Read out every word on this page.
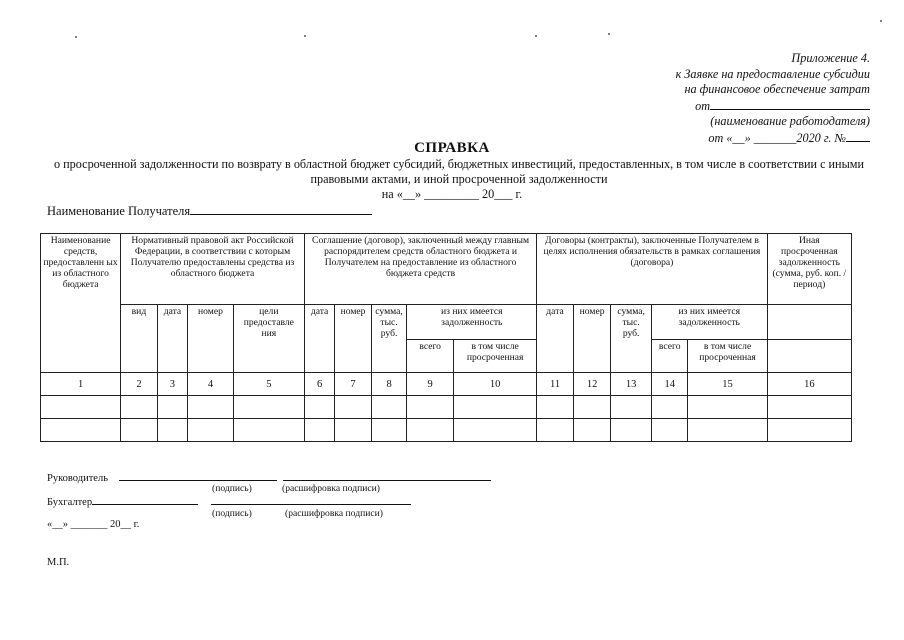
Приложение 4.
к Заявке на предоставление субсидии
на финансовое обеспечение затрат
от
(наименование работодателя)
от «__» _______2020 г. №
СПРАВКА
о просроченной задолженности по возврату в областной бюджет субсидий, бюджетных инвестиций, предоставленных, в том числе в соответствии с иными правовыми актами, и иной просроченной задолженности
на «__» _________ 20___ г.
Наименование Получателя
Наименование средств, предоставленн ых из областного бюджета	Нормативный правовой акт Российской Федерации, в соответствии с которым Получателю предоставлены средства из областного бюджета				Соглашение (договор), заключенный между главным распорядителем средств областного бюджета и Получателем на предоставление из областного бюджета средств					Договоры (контракты), заключенные Получателем в целях исполнения обязательств в рамках соглашения (договора)					Иная просроченная задолженность (сумма, руб. коп. /период)
	вид	дата	номер	цели предоставле ния	дата	номер	сумма, тыс. руб.	из них имеется задолженность		дата	номер	сумма, тыс. руб.	из них имеется задолженность		
								всего	в том числе просроченная				всего	в том числе просроченная	
1	2	3	4	5	6	7	8	9	10	11	12	13	14	15	16

Руководитель
(подпись)	(расшифровка подписи)
Бухгалтер
(подпись)	(расшифровка подписи)
«__» _______ 20__ г.
М.П.
